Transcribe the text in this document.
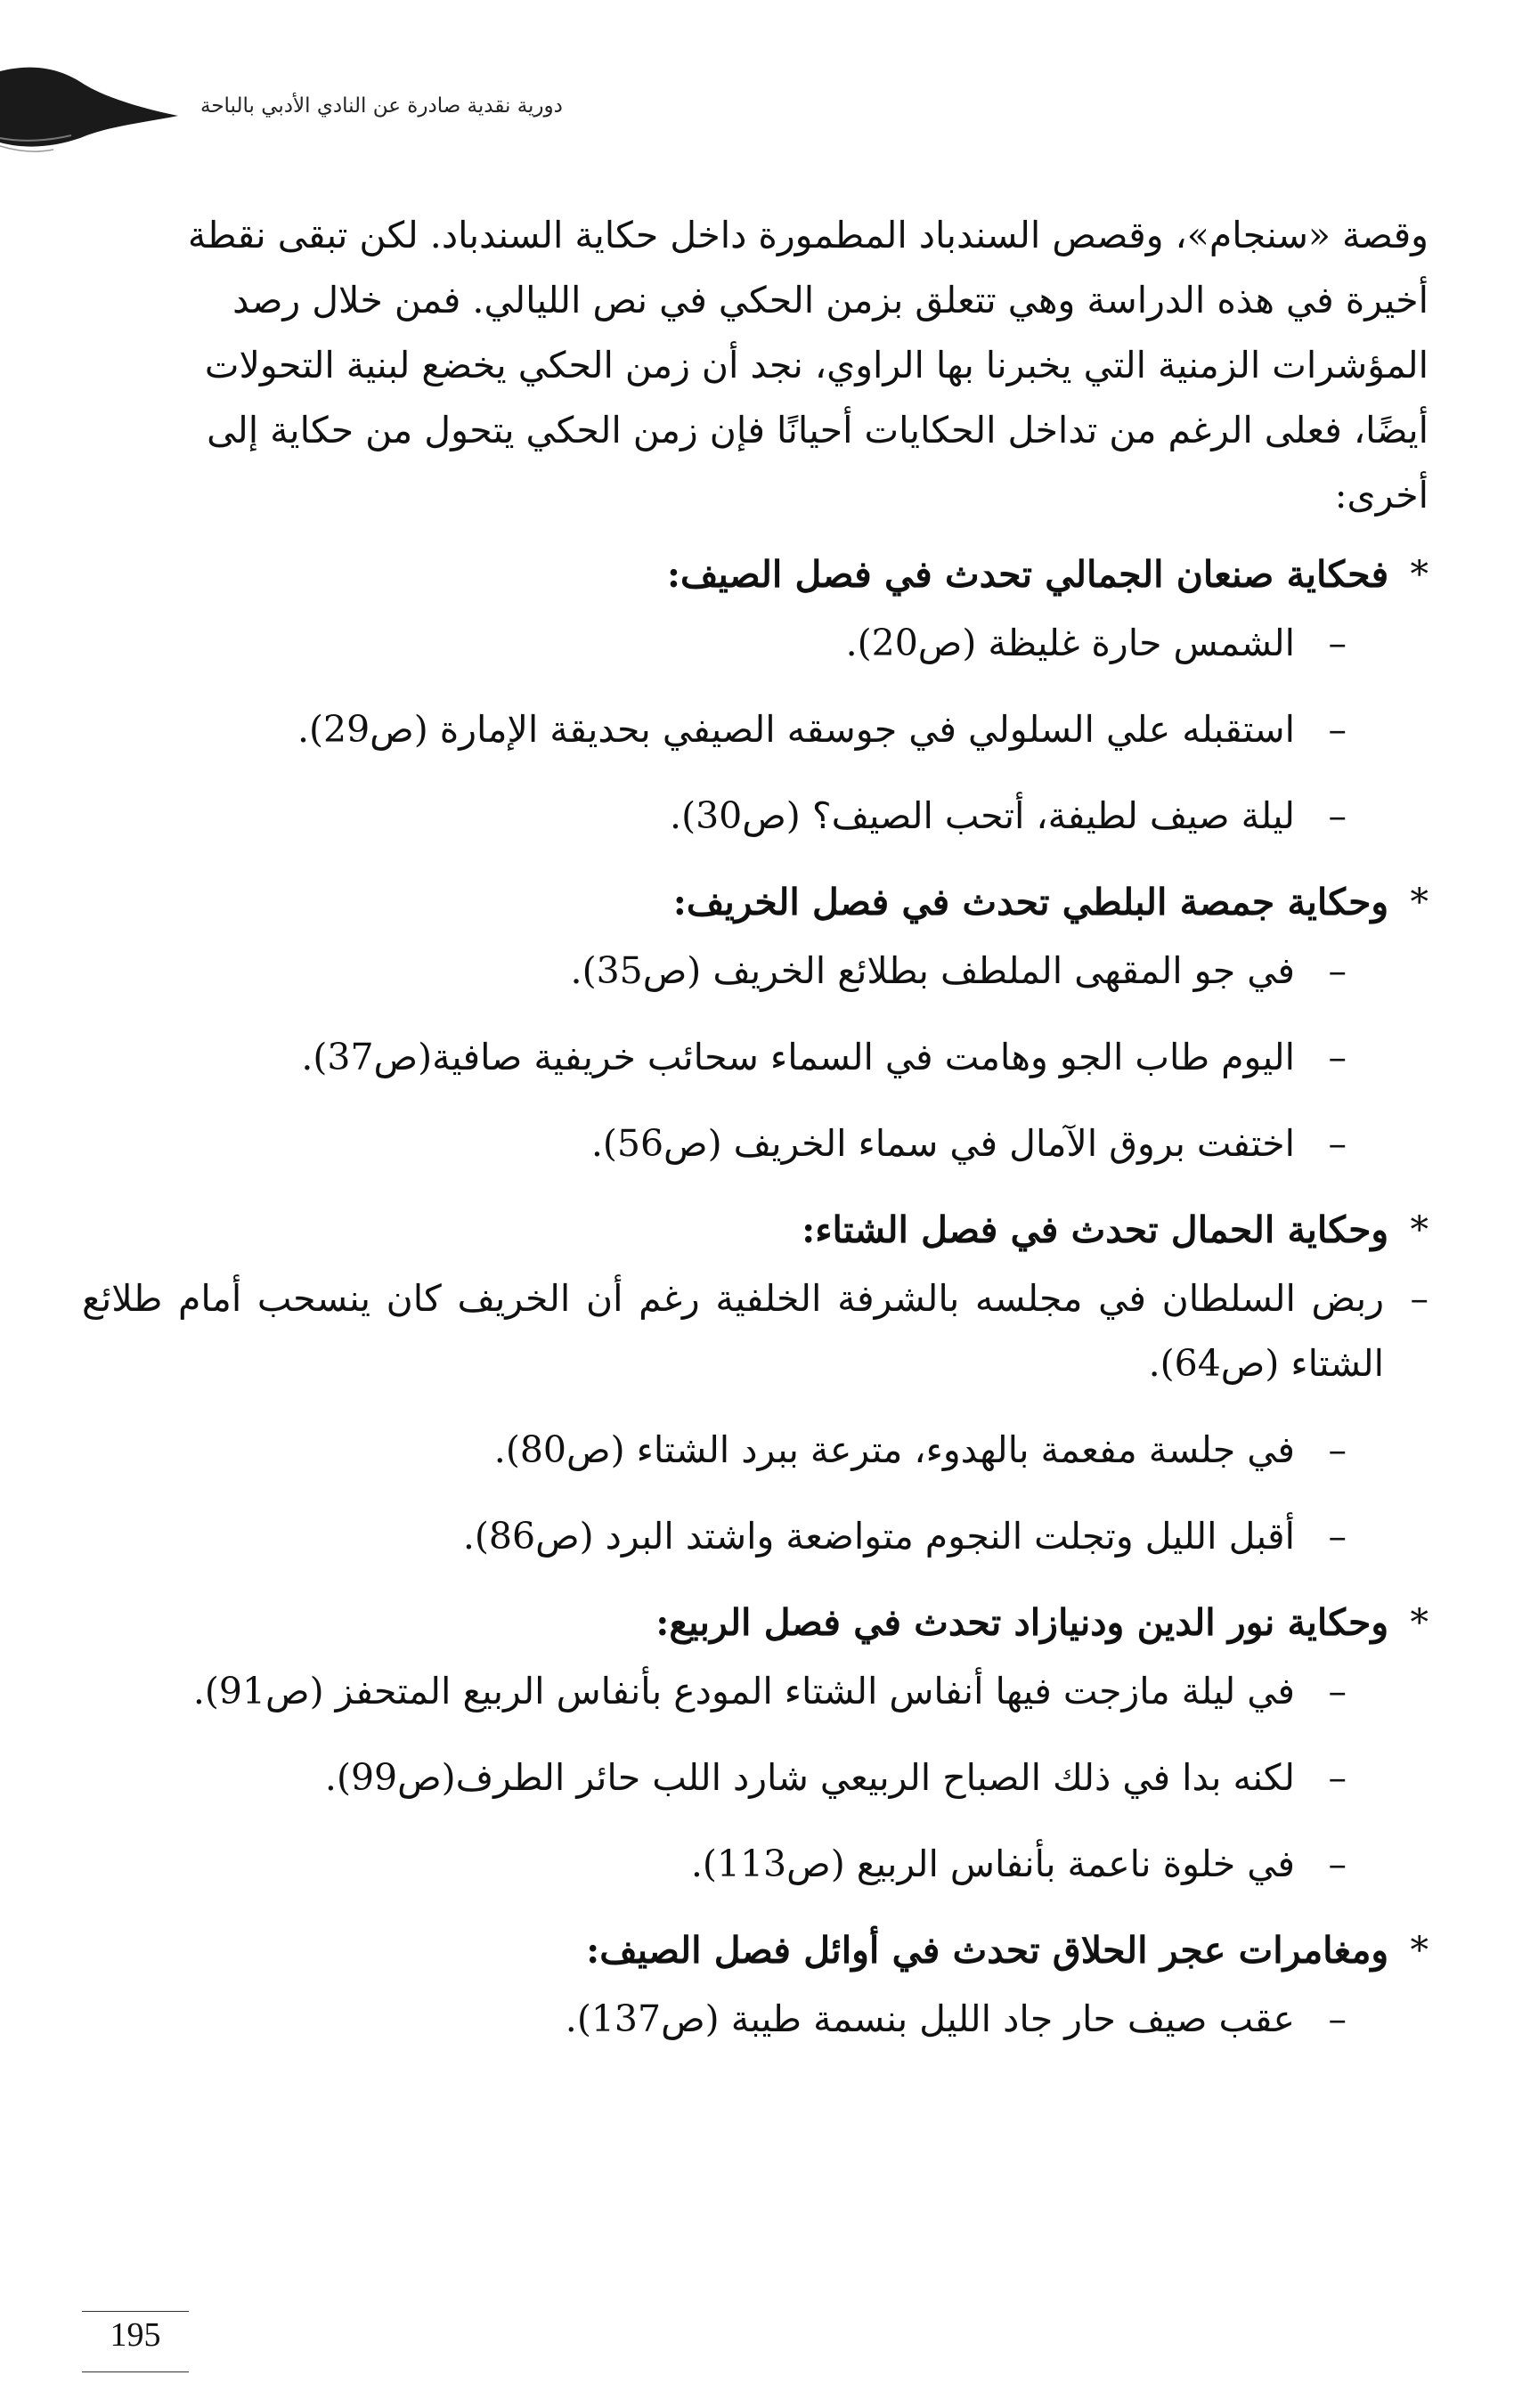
دورية نقدية صادرة عن النادي الأدبي بالباحة
وقصة «سنجام»، وقصص السندباد المطمورة داخل حكاية السندباد. لكن تبقى نقطة
أخيرة في هذه الدراسة وهي تتعلق بزمن الحكي في نص الليالي. فمن خلال رصد
المؤشرات الزمنية التي يخبرنا بها الراوي، نجد أن زمن الحكي يخضع لبنية التحولات
أيضًا، فعلى الرغم من تداخل الحكايات أحيانًا فإن زمن الحكي يتحول من حكاية إلى
أخرى:
* فحكاية صنعان الجمالي تحدث في فصل الصيف:
–
الشمس حارة غليظة (ص20).
–
استقبله علي السلولي في جوسقه الصيفي بحديقة الإمارة (ص29).
–
ليلة صيف لطيفة، أتحب الصيف؟ (ص30).
* وحكاية جمصة البلطي تحدث في فصل الخريف:
–
في جو المقهى الملطف بطلائع الخريف (ص35).
–
اليوم طاب الجو وهامت في السماء سحائب خريفية صافية(ص37).
–
اختفت بروق الآمال في سماء الخريف (ص56).
* وحكاية الحمال تحدث في فصل الشتاء:
–
ربض السلطان في مجلسه بالشرفة الخلفية رغم أن الخريف كان ينسحب أمام طلائع الشتاء (ص64).
–
في جلسة مفعمة بالهدوء، مترعة ببرد الشتاء (ص80).
–
أقبل الليل وتجلت النجوم متواضعة واشتد البرد (ص86).
* وحكاية نور الدين ودنيازاد تحدث في فصل الربيع:
–
في ليلة مازجت فيها أنفاس الشتاء المودع بأنفاس الربيع المتحفز (ص91).
–
لكنه بدا في ذلك الصباح الربيعي شارد اللب حائر الطرف(ص99).
–
في خلوة ناعمة بأنفاس الربيع (ص113).
* ومغامرات عجر الحلاق تحدث في أوائل فصل الصيف:
–
عقب صيف حار جاد الليل بنسمة طيبة (ص137).
195
